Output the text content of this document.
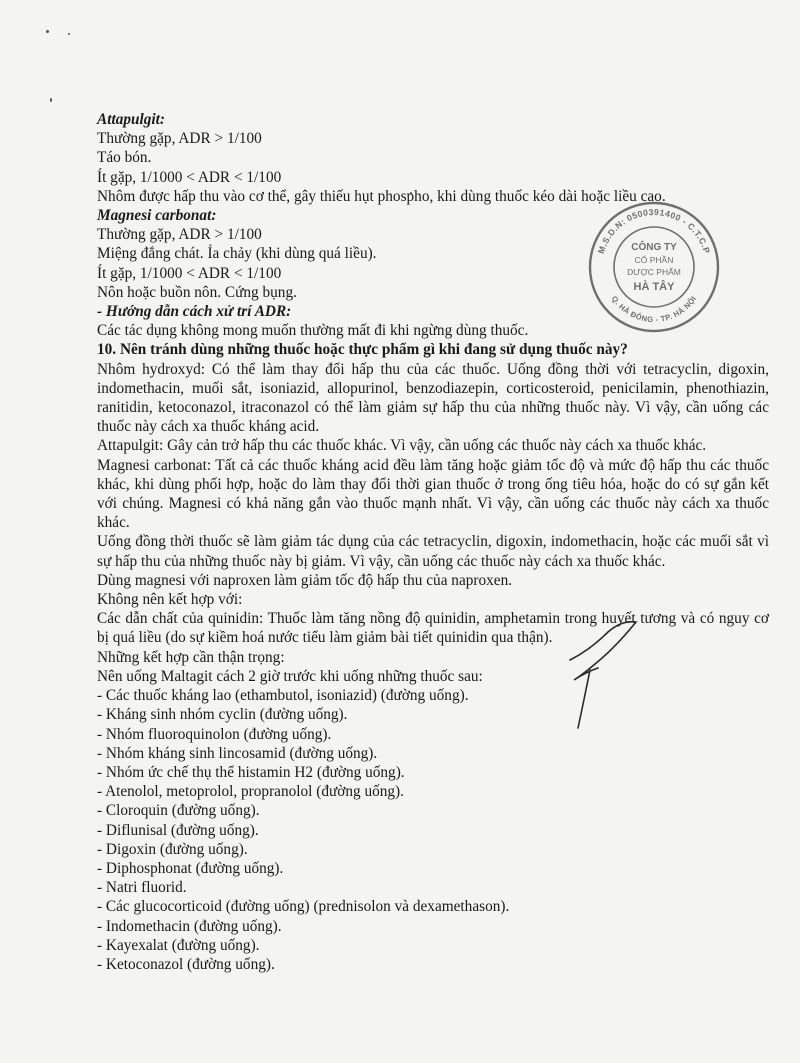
Attapulgit:
Thường gặp, ADR > 1/100
Táo bón.
Ít gặp, 1/1000 < ADR < 1/100
Nhôm được hấp thu vào cơ thể, gây thiếu hụt phospho, khi dùng thuốc kéo dài hoặc liều cao.
Magnesi carbonat:
Thường gặp, ADR > 1/100
Miệng đắng chát. Ỉa chảy (khi dùng quá liều).
Ít gặp, 1/1000 < ADR < 1/100
Nôn hoặc buồn nôn. Cứng bụng.
- Hướng dẫn cách xử trí ADR:
Các tác dụng không mong muốn thường mất đi khi ngừng dùng thuốc.
10. Nên tránh dùng những thuốc hoặc thực phẩm gì khi đang sử dụng thuốc này?
Nhôm hydroxyd: Có thể làm thay đổi hấp thu của các thuốc. Uống đồng thời với tetracyclin, digoxin, indomethacin, muối sắt, isoniazid, allopurinol, benzodiazepin, corticosteroid, penicilamin, phenothiazin, ranitidin, ketoconazol, itraconazol có thể làm giảm sự hấp thu của những thuốc này. Vì vậy, cần uống các thuốc này cách xa thuốc kháng acid.
Attapulgit: Gây cản trở hấp thu các thuốc khác. Vì vậy, cần uống các thuốc này cách xa thuốc khác.
Magnesi carbonat: Tất cả các thuốc kháng acid đều làm tăng hoặc giảm tốc độ và mức độ hấp thu các thuốc khác, khi dùng phối hợp, hoặc do làm thay đổi thời gian thuốc ở trong ống tiêu hóa, hoặc do có sự gắn kết với chúng. Magnesi có khả năng gắn vào thuốc mạnh nhất. Vì vậy, cần uống các thuốc này cách xa thuốc khác.
Uống đồng thời thuốc sẽ làm giảm tác dụng của các tetracyclin, digoxin, indomethacin, hoặc các muối sắt vì sự hấp thu của những thuốc này bị giảm. Vì vậy, cần uống các thuốc này cách xa thuốc khác.
Dùng magnesi với naproxen làm giảm tốc độ hấp thu của naproxen.
Không nên kết hợp với:
Các dẫn chất của quinidin: Thuốc làm tăng nồng độ quinidin, amphetamin trong huyết tương và có nguy cơ bị quá liều (do sự kiềm hoá nước tiểu làm giảm bài tiết quinidin qua thận).
Những kết hợp cần thận trọng:
Nên uống Maltagit cách 2 giờ trước khi uống những thuốc sau:
- Các thuốc kháng lao (ethambutol, isoniazid) (đường uống).
- Kháng sinh nhóm cyclin (đường uống).
- Nhóm fluoroquinolon (đường uống).
- Nhóm kháng sinh lincosamid (đường uống).
- Nhóm ức chế thụ thể histamin H2 (đường uống).
- Atenolol, metoprolol, propranolol (đường uống).
- Cloroquin (đường uống).
- Diflunisal (đường uống).
- Digoxin (đường uống).
- Diphosphonat (đường uống).
- Natri fluorid.
- Các glucocorticoid (đường uống) (prednisolon và dexamethason).
- Indomethacin (đường uống).
- Kayexalat (đường uống).
- Ketoconazol (đường uống).
M.S.D.N: 0500391400 - C.T.C.P
Q. HÀ ĐÔNG - TP. HÀ NỘI
CÔNG TY
CỔ PHẦN
DƯỢC PHẨM
HÀ TÂY
